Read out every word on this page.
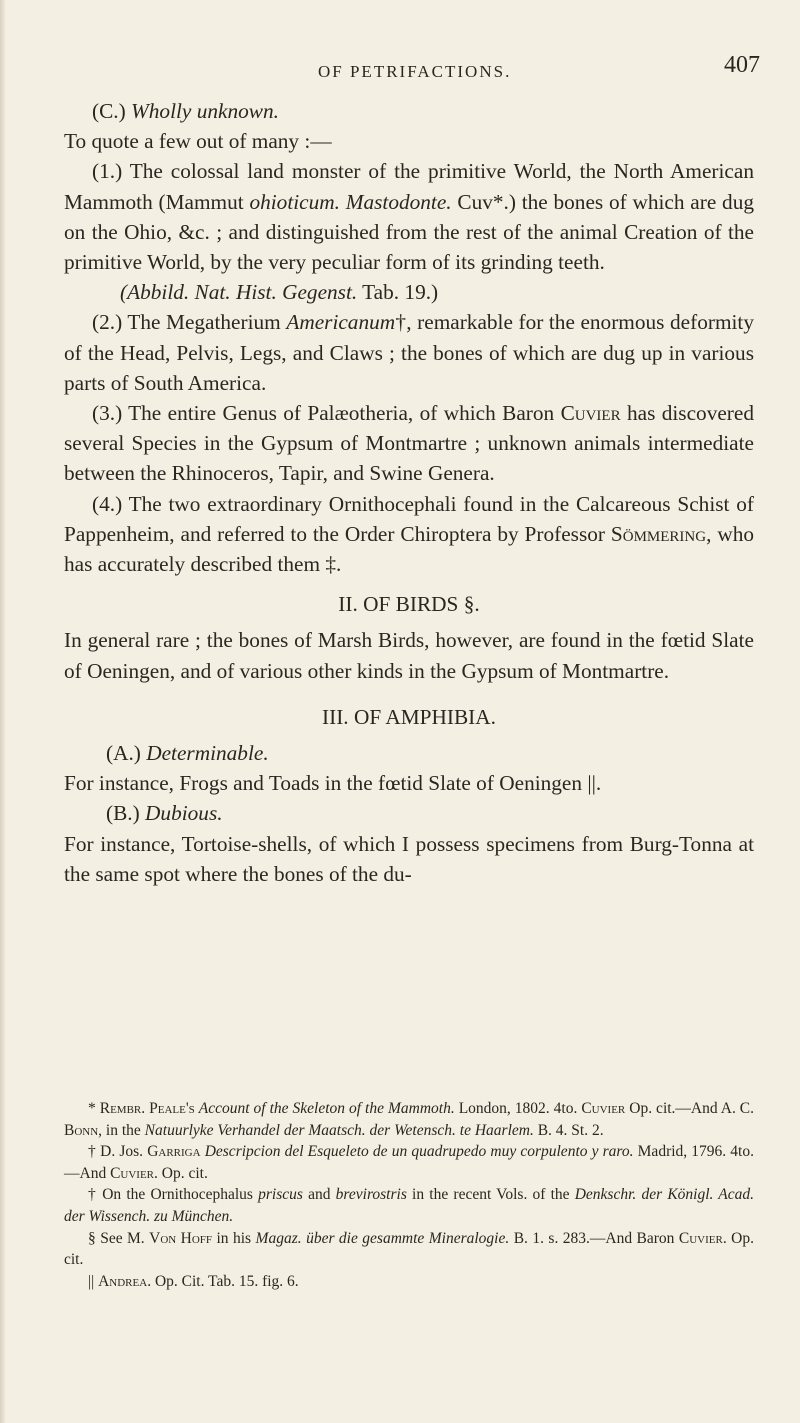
OF PETRIFACTIONS.	407

(C.) Wholly unknown.

To quote a few out of many :—

(1.) The colossal land monster of the primitive World, the North American Mammoth (Mammut ohioticum. Mastodonte. Cuv*.) the bones of which are dug on the Ohio, &c. ; and distinguished from the rest of the animal Creation of the primitive World, by the very peculiar form of its grinding teeth.

(Abbild. Nat. Hist. Gegenst. Tab. 19.)

(2.) The Megatherium Americanum†, remarkable for the enormous deformity of the Head, Pelvis, Legs, and Claws ; the bones of which are dug up in various parts of South America.

(3.) The entire Genus of Palæotheria, of which Baron Cuvier has discovered several Species in the Gypsum of Montmartre ; unknown animals intermediate between the Rhinoceros, Tapir, and Swine Genera.

(4.) The two extraordinary Ornithocephali found in the Calcareous Schist of Pappenheim, and referred to the Order Chiroptera by Professor Sömmering, who has accurately described them ‡.

II. OF BIRDS §.

In general rare ; the bones of Marsh Birds, however, are found in the fœtid Slate of Oeningen, and of various other kinds in the Gypsum of Montmartre.

III. OF AMPHIBIA.

(A.) Determinable.

For instance, Frogs and Toads in the fœtid Slate of Oeningen ||.

(B.) Dubious.

For instance, Tortoise-shells, of which I possess specimens from Burg-Tonna at the same spot where the bones of the du-

* Rembr. Peale's Account of the Skeleton of the Mammoth. London, 1802. 4to. Cuvier Op. cit.—And A. C. Bonn, in the Natuurlyke Verhandel der Maatsch. der Wetensch. te Haarlem. B. 4. St. 2.

† D. Jos. Garriga Descripcion del Esqueleto de un quadrupedo muy corpulento y raro. Madrid, 1796. 4to.—And Cuvier. Op. cit.

† On the Ornithocephalus priscus and brevirostris in the recent Vols. of the Denkschr. der Königl. Acad. der Wissench. zu München.

§ See M. Von Hoff in his Magaz. über die gesammte Mineralogie. B. 1. s. 283.—And Baron Cuvier. Op. cit.

|| Andrea. Op. Cit. Tab. 15. fig. 6.
